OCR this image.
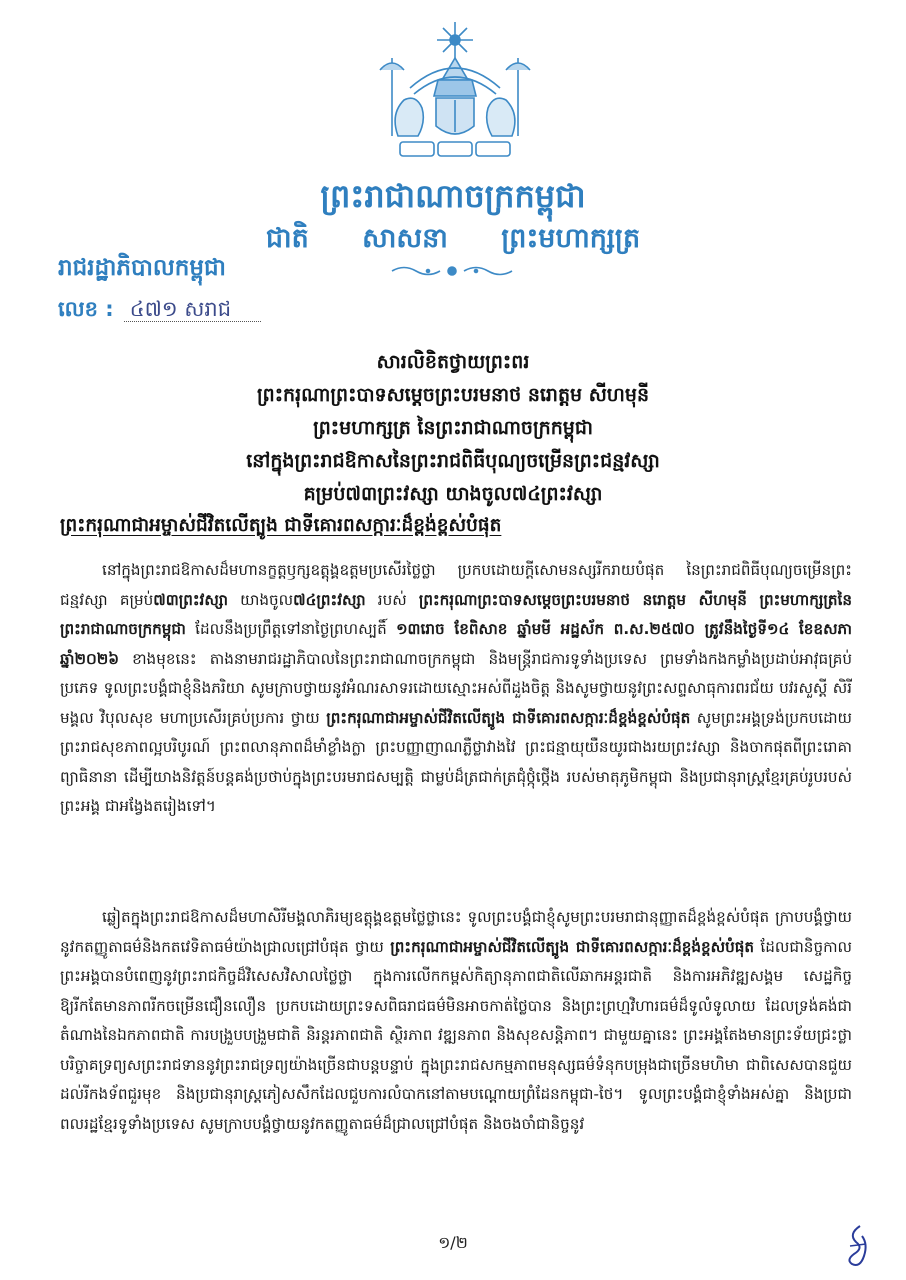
ព្រះរាជាណាចក្រកម្ពុជា
ជាតិ សាសនា ព្រះមហាក្សត្រ
រាជរដ្ឋាភិបាលកម្ពុជា
លេខ : ៤៧១ សរាជ
សារលិខិតថ្វាយព្រះពរ
ព្រះករុណាព្រះបាទសម្តេចព្រះបរមនាថ នរោត្តម សីហមុនី
ព្រះមហាក្សត្រ នៃព្រះរាជាណាចក្រកម្ពុជា
នៅក្នុងព្រះរាជឱកាសនៃព្រះរាជពិធីបុណ្យចម្រើនព្រះជន្មវស្សា
គម្រប់៧៣ព្រះវស្សា យាងចូល៧៤ព្រះវស្សា
ព្រះករុណាជាអម្ចាស់ជីវិតលើត្បូង ជាទីគោរពសក្ការៈដ៏ខ្ពង់ខ្ពស់បំផុត
នៅក្នុងព្រះរាជឱកាសដ៏មហានក្ខត្តឫក្សឧត្តុង្គឧត្តមប្រសើរថ្លៃថ្លា ប្រកបដោយក្តីសោមនស្សរីករាយបំផុត នៃព្រះរាជពិធីបុណ្យចម្រើនព្រះជន្មវស្សា គម្រប់៧៣ព្រះវស្សា យាងចូល៧៤ព្រះវស្សា របស់ ព្រះករុណាព្រះបាទសម្តេចព្រះបរមនាថ នរោត្តម សីហមុនី ព្រះមហាក្សត្រនៃព្រះរាជាណាចក្រកម្ពុជា ដែលនឹងប្រព្រឹត្តទៅនាថ្ងៃព្រហស្បតិ៍ ១៣រោច ខែពិសាខ ឆ្នាំមមី អដ្ឋស័ក ព.ស.២៥៧០ ត្រូវនឹងថ្ងៃទី១៤ ខែឧសភា ឆ្នាំ២០២៦ ខាងមុខនេះ តាងនាមរាជរដ្ឋាភិបាលនៃព្រះរាជាណាចក្រកម្ពុជា និងមន្ត្រីរាជការទូទាំងប្រទេស ព្រមទាំងកងកម្លាំងប្រដាប់អាវុធគ្រប់ប្រភេទ ទូលព្រះបង្គំជាខ្ញុំនិងភរិយា សូមក្រាបថ្វាយនូវអំណរសាទរដោយស្មោះអស់ពីដួងចិត្ត និងសូមថ្វាយនូវព្រះសព្ទសាធុការពរជ័យ បវរសួស្តី សិរីមង្គល វិបុលសុខ មហាប្រសើរគ្រប់ប្រការ ថ្វាយ ព្រះករុណាជាអម្ចាស់ជីវិតលើត្បូង ជាទីគោរពសក្ការៈដ៏ខ្ពង់ខ្ពស់បំផុត សូមព្រះអង្គទ្រង់ប្រកបដោយព្រះរាជសុខភាពល្អបរិបូរណ៍ ព្រះពលានុភាពដ៏មាំខ្លាំងក្លា ព្រះបញ្ញាញាណភ្លឺថ្លាវាងវៃ ព្រះជន្មាយុយឺនយូរជាងរយព្រះវស្សា និងចាកផុតពីព្រះរោគាព្យាធិនានា ដើម្បីយាងនិវត្តន៍បន្តគង់ប្រថាប់ក្នុងព្រះបរមរាជសម្បត្តិ ជាម្លប់ដ៏ត្រជាក់ត្រជុំថ្កុំថ្កើង របស់មាតុភូមិកម្ពុជា និងប្រជានុរាស្ត្រខ្មែរគ្រប់រូបរបស់ព្រះអង្គ ជាអង្វែងតរៀងទៅ។
ឆ្លៀតក្នុងព្រះរាជឱកាសដ៏មហាសិរីមង្គលាភិរម្យឧត្តុង្គឧត្តមថ្លៃថ្លានេះ ទូលព្រះបង្គំជាខ្ញុំសូមព្រះបរមរាជានុញ្ញាតដ៏ខ្ពង់ខ្ពស់បំផុត ក្រាបបង្គំថ្វាយនូវកតញ្ញូតាធម៌និងកតវេទិតាធម៌យ៉ាងជ្រាលជ្រៅបំផុត ថ្វាយ ព្រះករុណាជាអម្ចាស់ជីវិតលើត្បូង ជាទីគោរពសក្ការៈដ៏ខ្ពង់ខ្ពស់បំផុត ដែលជានិច្ចកាល ព្រះអង្គបានបំពេញនូវព្រះរាជកិច្ចដ៏វិសេសវិសាលថ្លៃថ្លា ក្នុងការលើកកម្ពស់កិត្យានុភាពជាតិលើឆាកអន្តរជាតិ និងការអភិវឌ្ឍសង្គម សេដ្ឋកិច្ច ឱ្យរីកតែមានភាពរីកចម្រើនជឿនលឿន ប្រកបដោយព្រះទសពិធរាជធម៌មិនអាចកាត់ថ្លៃបាន និងព្រះព្រហ្មវិហារធម៌ដ៏ទូលំទូលាយ ដែលទ្រង់គង់ជាតំណាងនៃឯកភាពជាតិ ការបង្រួបបង្រួមជាតិ និរន្តរភាពជាតិ ស្ថិរភាព វឌ្ឍនភាព និងសុខសន្តិភាព។ ជាមួយគ្នានេះ ព្រះអង្គតែងមានព្រះទ័យជ្រះថ្លាបរិច្ចាគទ្រព្យសព្រះរាជទាននូវព្រះរាជទ្រព្យយ៉ាងច្រើនជាបន្តបន្ទាប់ ក្នុងព្រះរាជសកម្មភាពមនុស្សធម៌ទំនុកបម្រុងជាច្រើនមហិមា ជាពិសេសបានជួយដល់រីកងទ័ពជួរមុខ និងប្រជានុរាស្ត្រភៀសសឹកដែលជួបការលំបាកនៅតាមបណ្តោយព្រំដែនកម្ពុជា-ថៃ។ ទូលព្រះបង្គំជាខ្ញុំទាំងអស់គ្នា និងប្រជាពលរដ្ឋខ្មែរទូទាំងប្រទេស សូមក្រាបបង្គំថ្វាយនូវកតញ្ញូតាធម៌ដ៏ជ្រាលជ្រៅបំផុត និងចងចាំជានិច្ចនូវ
១/២
